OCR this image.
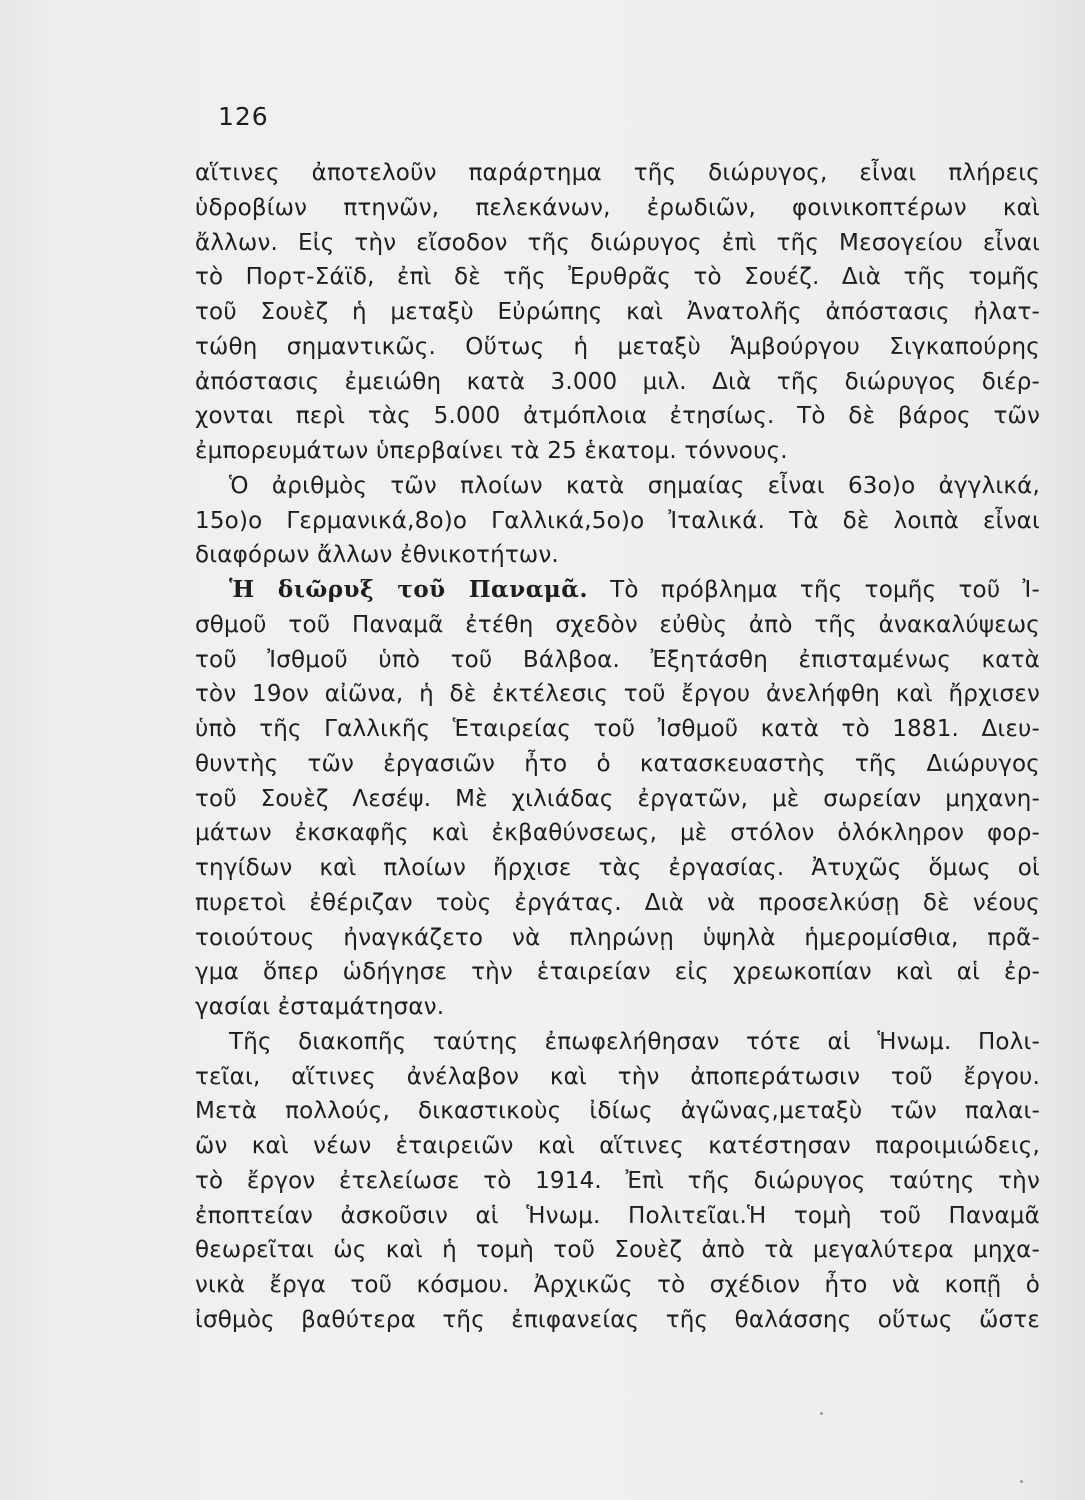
126
αἵτινες ἀποτελοῦν παράρτημα τῆς διώρυγος, εἶναι πλήρεις
ὑδροβίων πτηνῶν, πελεκάνων, ἐρωδιῶν, φοινικοπτέρων καὶ
ἄλλων. Εἰς τὴν εἴσοδον τῆς διώρυγος ἐπὶ τῆς Μεσογείου εἶναι
τὸ Πορτ-Σάϊδ, ἐπὶ δὲ τῆς Ἐρυθρᾶς τὸ Σουέζ. Διὰ τῆς τομῆς
τοῦ Σουὲζ ἡ μεταξὺ Εὐρώπης καὶ Ἀνατολῆς ἀπόστασις ἠλατ-
τώθη σημαντικῶς. Οὕτως ἡ μεταξὺ Ἁμβούργου Σιγκαπούρης
ἀπόστασις ἐμειώθη κατὰ 3.000 μιλ. Διὰ τῆς διώρυγος διέρ-
χονται περὶ τὰς 5.000 ἀτμόπλοια ἐτησίως. Τὸ δὲ βάρος τῶν
ἐμπορευμάτων ὑπερβαίνει τὰ 25 ἑκατομ. τόννους.
Ὁ ἀριθμὸς τῶν πλοίων κατὰ σημαίας εἶναι 63ο)ο ἀγγλικά,
15ο)ο Γερμανικά,8ο)ο Γαλλικά,5ο)ο Ἰταλικά. Τὰ δὲ λοιπὰ εἶναι
διαφόρων ἄλλων ἐθνικοτήτων.
Ἡ διῶρυξ τοῦ Παναμᾶ. Τὸ πρόβλημα τῆς τομῆς τοῦ Ἰ-
σθμοῦ τοῦ Παναμᾶ ἐτέθη σχεδὸν εὐθὺς ἀπὸ τῆς ἀνακαλύψεως
τοῦ Ἰσθμοῦ ὑπὸ τοῦ Βάλβοα. Ἐξητάσθη ἐπισταμένως κατὰ
τὸν 19ον αἰῶνα, ἡ δὲ ἐκτέλεσις τοῦ ἔργου ἀνελήφθη καὶ ἤρχισεν
ὑπὸ τῆς Γαλλικῆς Ἑταιρείας τοῦ Ἰσθμοῦ κατὰ τὸ 1881. Διευ-
θυντὴς τῶν ἐργασιῶν ἦτο ὁ κατασκευαστὴς τῆς Διώρυγος
τοῦ Σουὲζ Λεσέψ. Μὲ χιλιάδας ἐργατῶν, μὲ σωρείαν μηχανη-
μάτων ἐκσκαφῆς καὶ ἐκβαθύνσεως, μὲ στόλον ὁλόκληρον φορ-
τηγίδων καὶ πλοίων ἤρχισε τὰς ἐργασίας. Ἀτυχῶς ὅμως οἱ
πυρετοὶ ἐθέριζαν τοὺς ἐργάτας. Διὰ νὰ προσελκύσῃ δὲ νέους
τοιούτους ἠναγκάζετο νὰ πληρώνῃ ὑψηλὰ ἡμερομίσθια, πρᾶ-
γμα ὅπερ ὡδήγησε τὴν ἑταιρείαν εἰς χρεωκοπίαν καὶ αἱ ἐρ-
γασίαι ἐσταμάτησαν.
Τῆς διακοπῆς ταύτης ἐπωφελήθησαν τότε αἱ Ἡνωμ. Πολι-
τεῖαι, αἵτινες ἀνέλαβον καὶ τὴν ἀποπεράτωσιν τοῦ ἔργου.
Μετὰ πολλούς, δικαστικοὺς ἰδίως ἀγῶνας,μεταξὺ τῶν παλαι-
ῶν καὶ νέων ἑταιρειῶν καὶ αἵτινες κατέστησαν παροιμιώδεις,
τὸ ἔργον ἐτελείωσε τὸ 1914. Ἐπὶ τῆς διώρυγος ταύτης τὴν
ἐποπτείαν ἀσκοῦσιν αἱ Ἡνωμ. Πολιτεῖαι.Ἡ τομὴ τοῦ Παναμᾶ
θεωρεῖται ὡς καὶ ἡ τομὴ τοῦ Σουὲζ ἀπὸ τὰ μεγαλύτερα μηχα-
νικὰ ἔργα τοῦ κόσμου. Ἀρχικῶς τὸ σχέδιον ἦτο νὰ κοπῇ ὁ
ἰσθμὸς βαθύτερα τῆς ἐπιφανείας τῆς θαλάσσης οὕτως ὥστε
